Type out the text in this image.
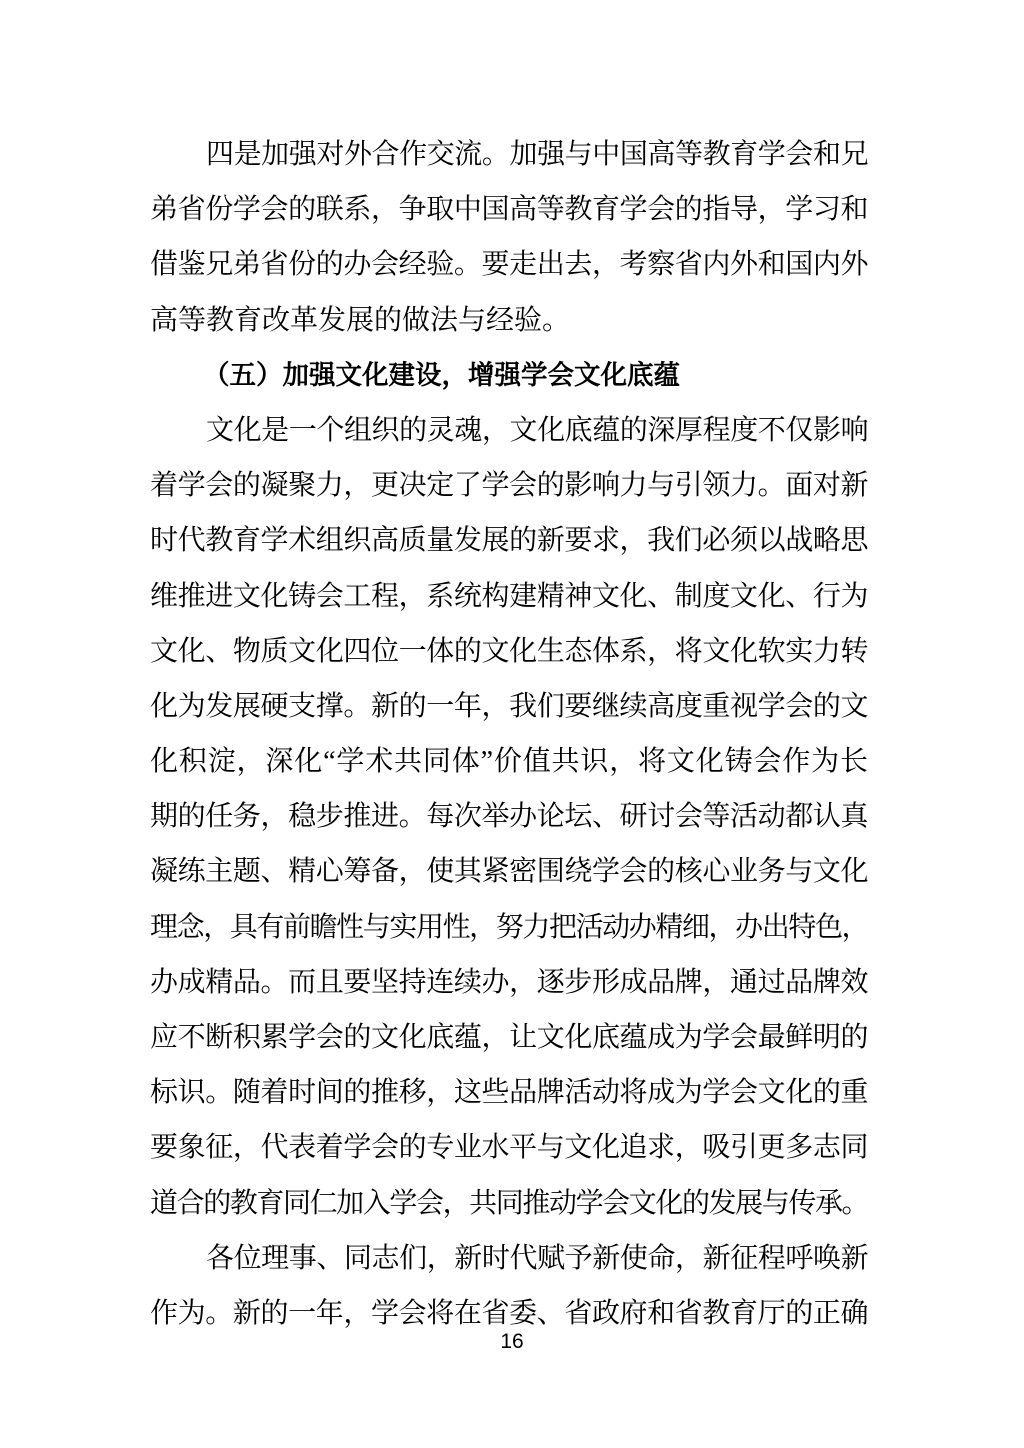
四是加强对外合作交流。加强与中国高等教育学会和兄
弟省份学会的联系，争取中国高等教育学会的指导，学习和
借鉴兄弟省份的办会经验。要走出去，考察省内外和国内外
高等教育改革发展的做法与经验。
（五）加强文化建设，增强学会文化底蕴
文化是一个组织的灵魂，文化底蕴的深厚程度不仅影响
着学会的凝聚力，更决定了学会的影响力与引领力。面对新
时代教育学术组织高质量发展的新要求，我们必须以战略思
维推进文化铸会工程，系统构建精神文化、制度文化、行为
文化、物质文化四位一体的文化生态体系，将文化软实力转
化为发展硬支撑。新的一年，我们要继续高度重视学会的文
化积淀，深化“学术共同体”价值共识，将文化铸会作为长
期的任务，稳步推进。每次举办论坛、研讨会等活动都认真
凝练主题、精心筹备，使其紧密围绕学会的核心业务与文化
理念，具有前瞻性与实用性，努力把活动办精细，办出特色，
办成精品。而且要坚持连续办，逐步形成品牌，通过品牌效
应不断积累学会的文化底蕴，让文化底蕴成为学会最鲜明的
标识。随着时间的推移，这些品牌活动将成为学会文化的重
要象征，代表着学会的专业水平与文化追求，吸引更多志同
道合的教育同仁加入学会，共同推动学会文化的发展与传承。
各位理事、同志们，新时代赋予新使命，新征程呼唤新
作为。新的一年，学会将在省委、省政府和省教育厅的正确
16
